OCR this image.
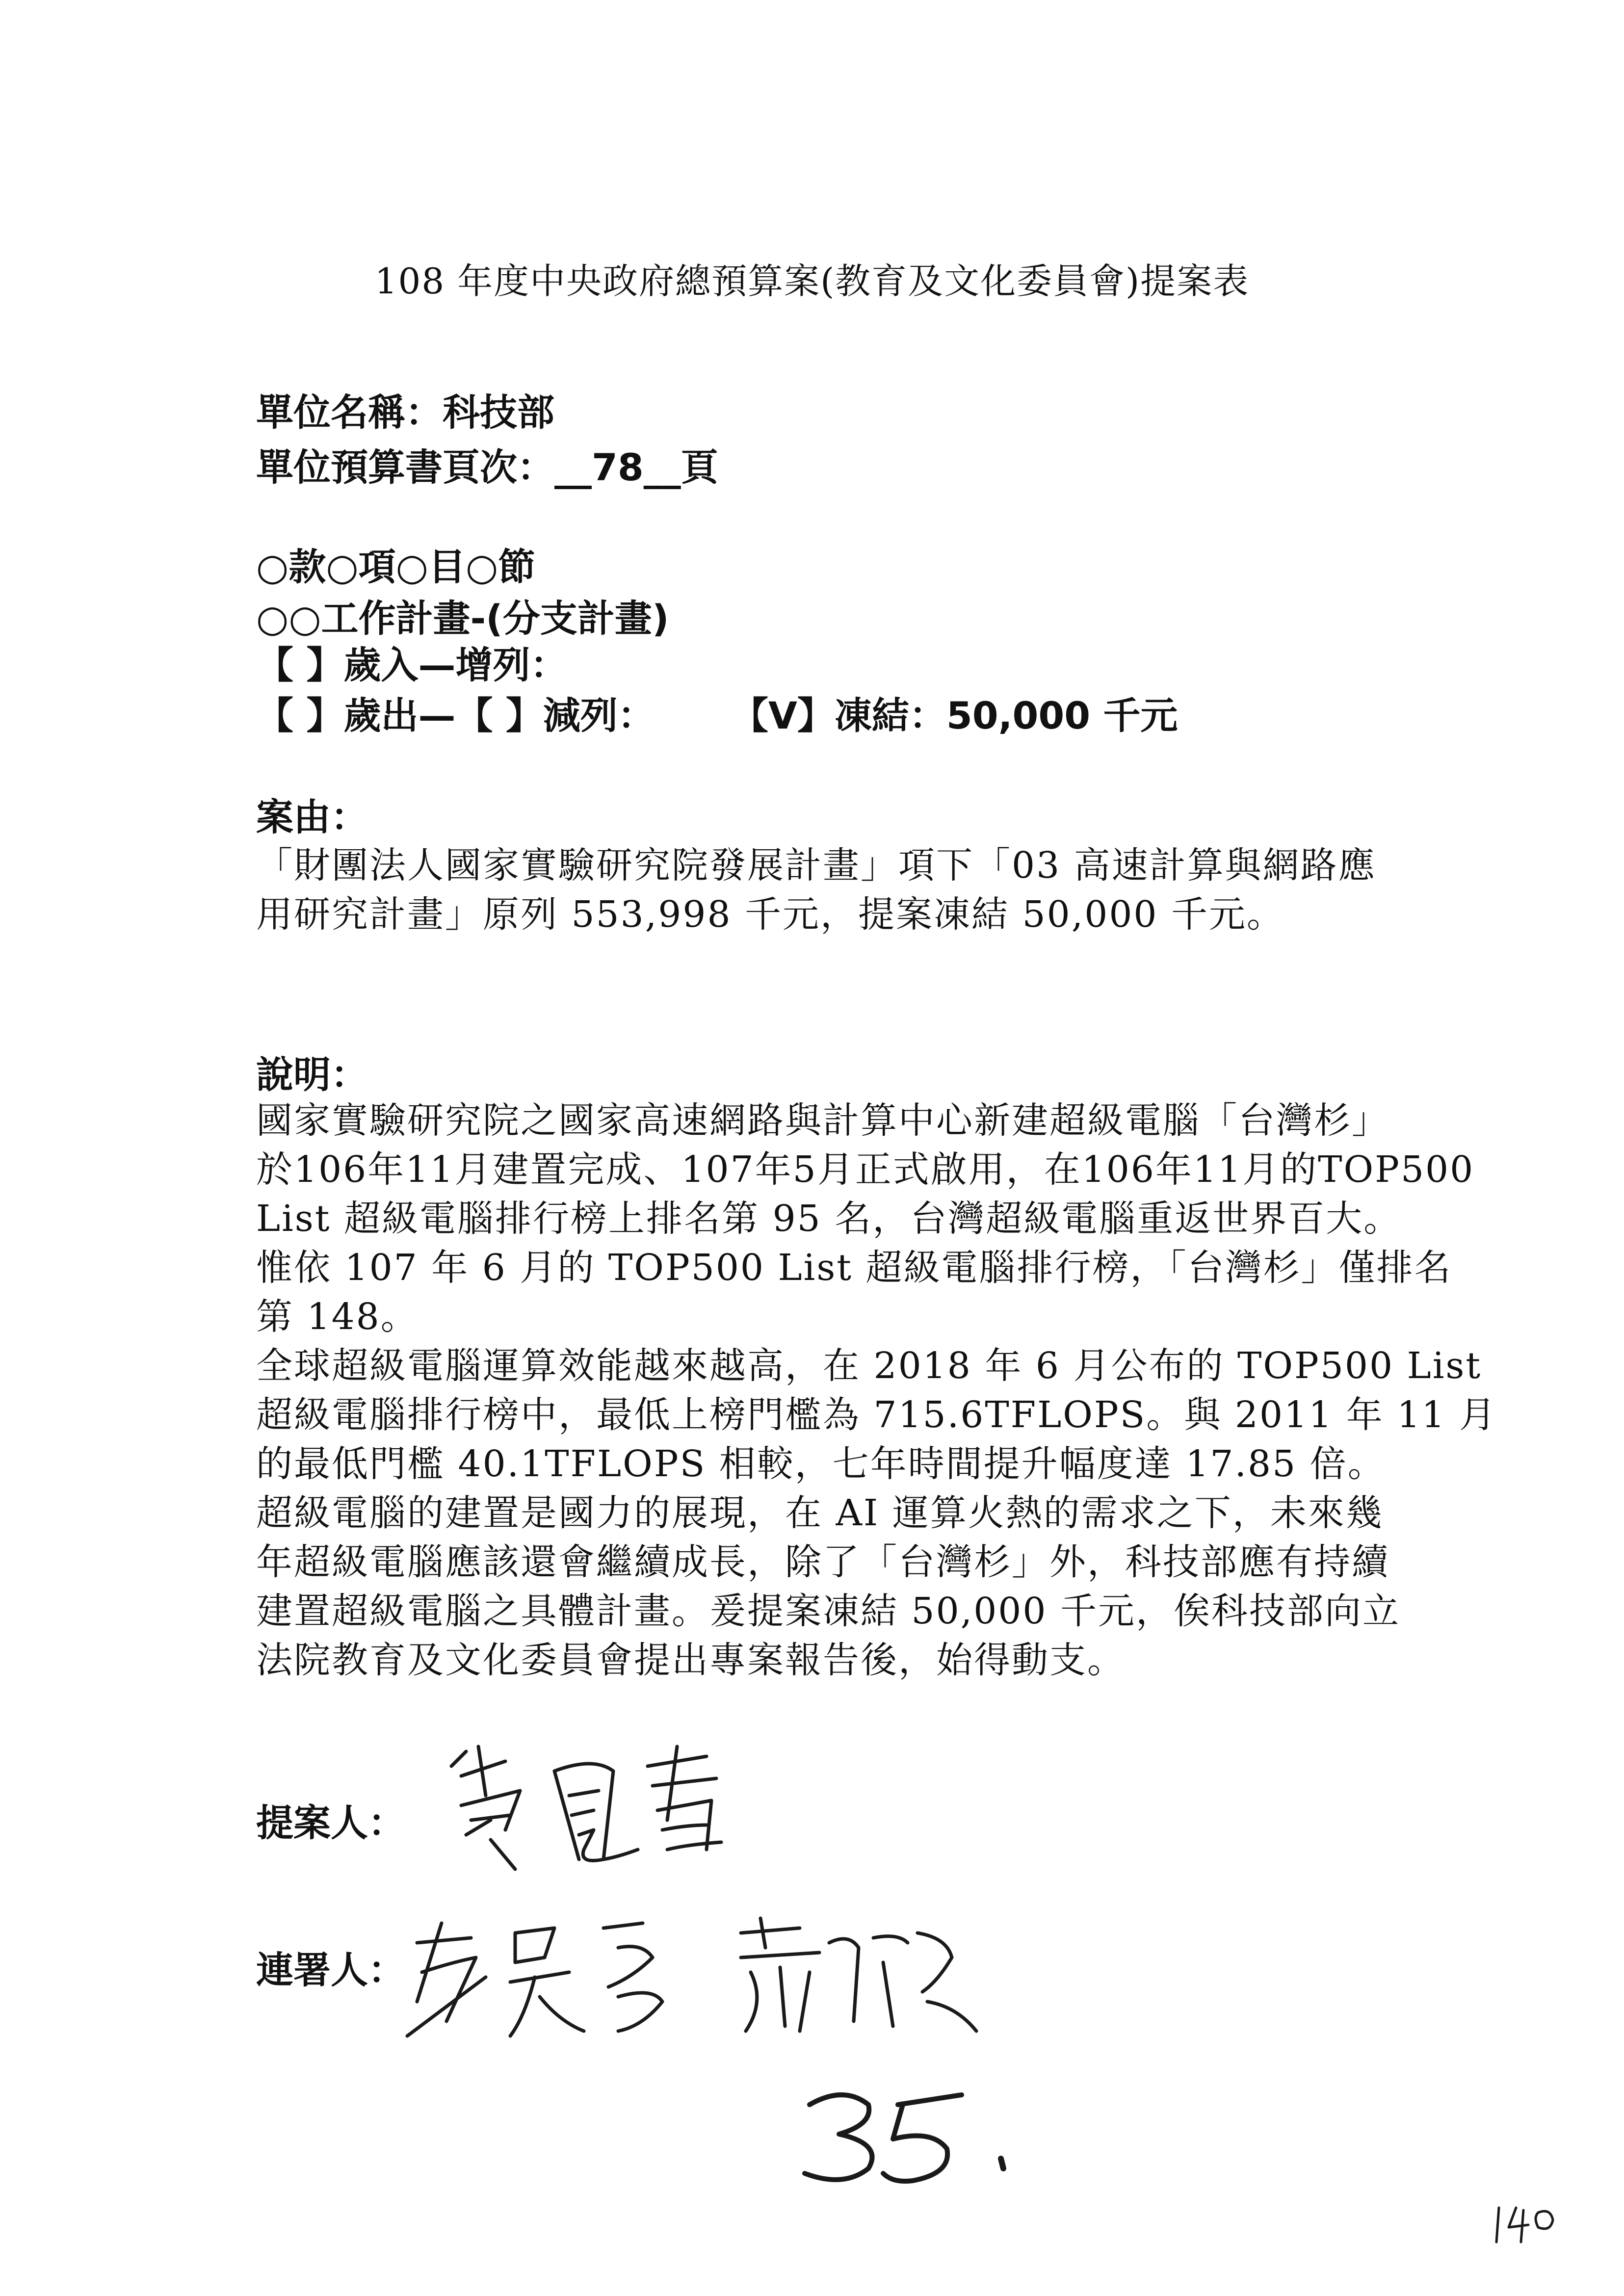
108 年度中央政府總預算案(教育及文化委員會)提案表
單位名稱：科技部
單位預算書頁次：__78__頁
○款○項○目○節
○○工作計畫-(分支計畫)
【 】歲入—增列：
【 】歲出—【 】減列： 【V】凍結：50,000 千元
案由：
「財團法人國家實驗研究院發展計畫」項下「03 高速計算與網路應
用研究計畫」原列 553,998 千元，提案凍結 50,000 千元。
說明：
國家實驗研究院之國家高速網路與計算中心新建超級電腦「台灣杉」
於106年11月建置完成、107年5月正式啟用，在106年11月的TOP500
List 超級電腦排行榜上排名第 95 名，台灣超級電腦重返世界百大。
惟依 107 年 6 月的 TOP500 List 超級電腦排行榜，「台灣杉」僅排名
第 148。
全球超級電腦運算效能越來越高，在 2018 年 6 月公布的 TOP500 List
超級電腦排行榜中，最低上榜門檻為 715.6TFLOPS。與 2011 年 11 月
的最低門檻 40.1TFLOPS 相較，七年時間提升幅度達 17.85 倍。
超級電腦的建置是國力的展現，在 AI 運算火熱的需求之下，未來幾
年超級電腦應該還會繼續成長，除了「台灣杉」外，科技部應有持續
建置超級電腦之具體計畫。爰提案凍結 50,000 千元，俟科技部向立
法院教育及文化委員會提出專案報告後，始得動支。
提案人：
連署人：
